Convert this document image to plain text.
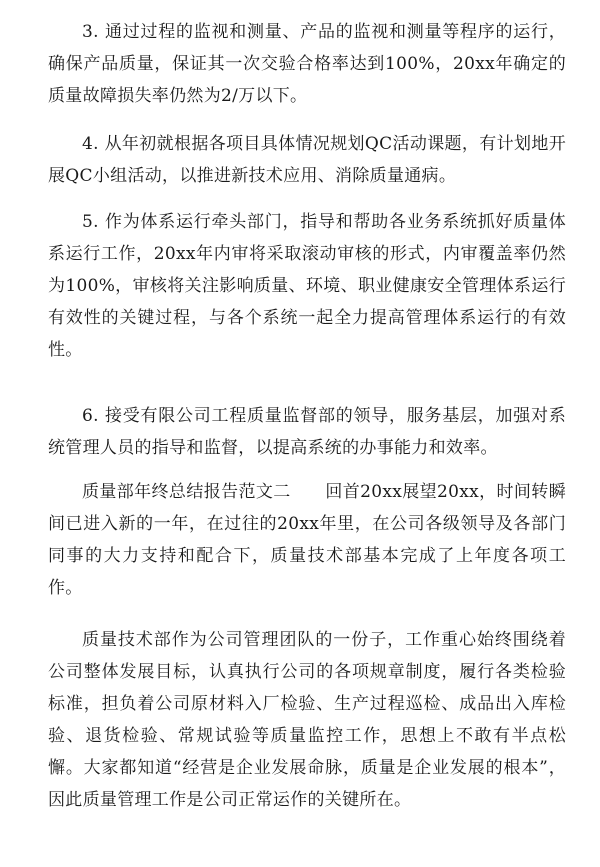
3. 通过过程的监视和测量、产品的监视和测量等程序的运行，确保产品质量，保证其一次交验合格率达到100%，20xx年确定的质量故障损失率仍然为2/万以下。

4. 从年初就根据各项目具体情况规划QC活动课题，有计划地开展QC小组活动，以推进新技术应用、消除质量通病。

5. 作为体系运行牵头部门，指导和帮助各业务系统抓好质量体系运行工作，20xx年内审将采取滚动审核的形式，内审覆盖率仍然为100%，审核将关注影响质量、环境、职业健康安全管理体系运行有效性的关键过程，与各个系统一起全力提高管理体系运行的有效性。

6. 接受有限公司工程质量监督部的领导，服务基层，加强对系统管理人员的指导和监督，以提高系统的办事能力和效率。

质量部年终总结报告范文二　　回首20xx展望20xx，时间转瞬间已进入新的一年，在过往的20xx年里，在公司各级领导及各部门同事的大力支持和配合下，质量技术部基本完成了上年度各项工作。

质量技术部作为公司管理团队的一份子，工作重心始终围绕着公司整体发展目标，认真执行公司的各项规章制度，履行各类检验标准，担负着公司原材料入厂检验、生产过程巡检、成品出入库检验、退货检验、常规试验等质量监控工作，思想上不敢有半点松懈。大家都知道“经营是企业发展命脉，质量是企业发展的根本”，因此质量管理工作是公司正常运作的关键所在。
